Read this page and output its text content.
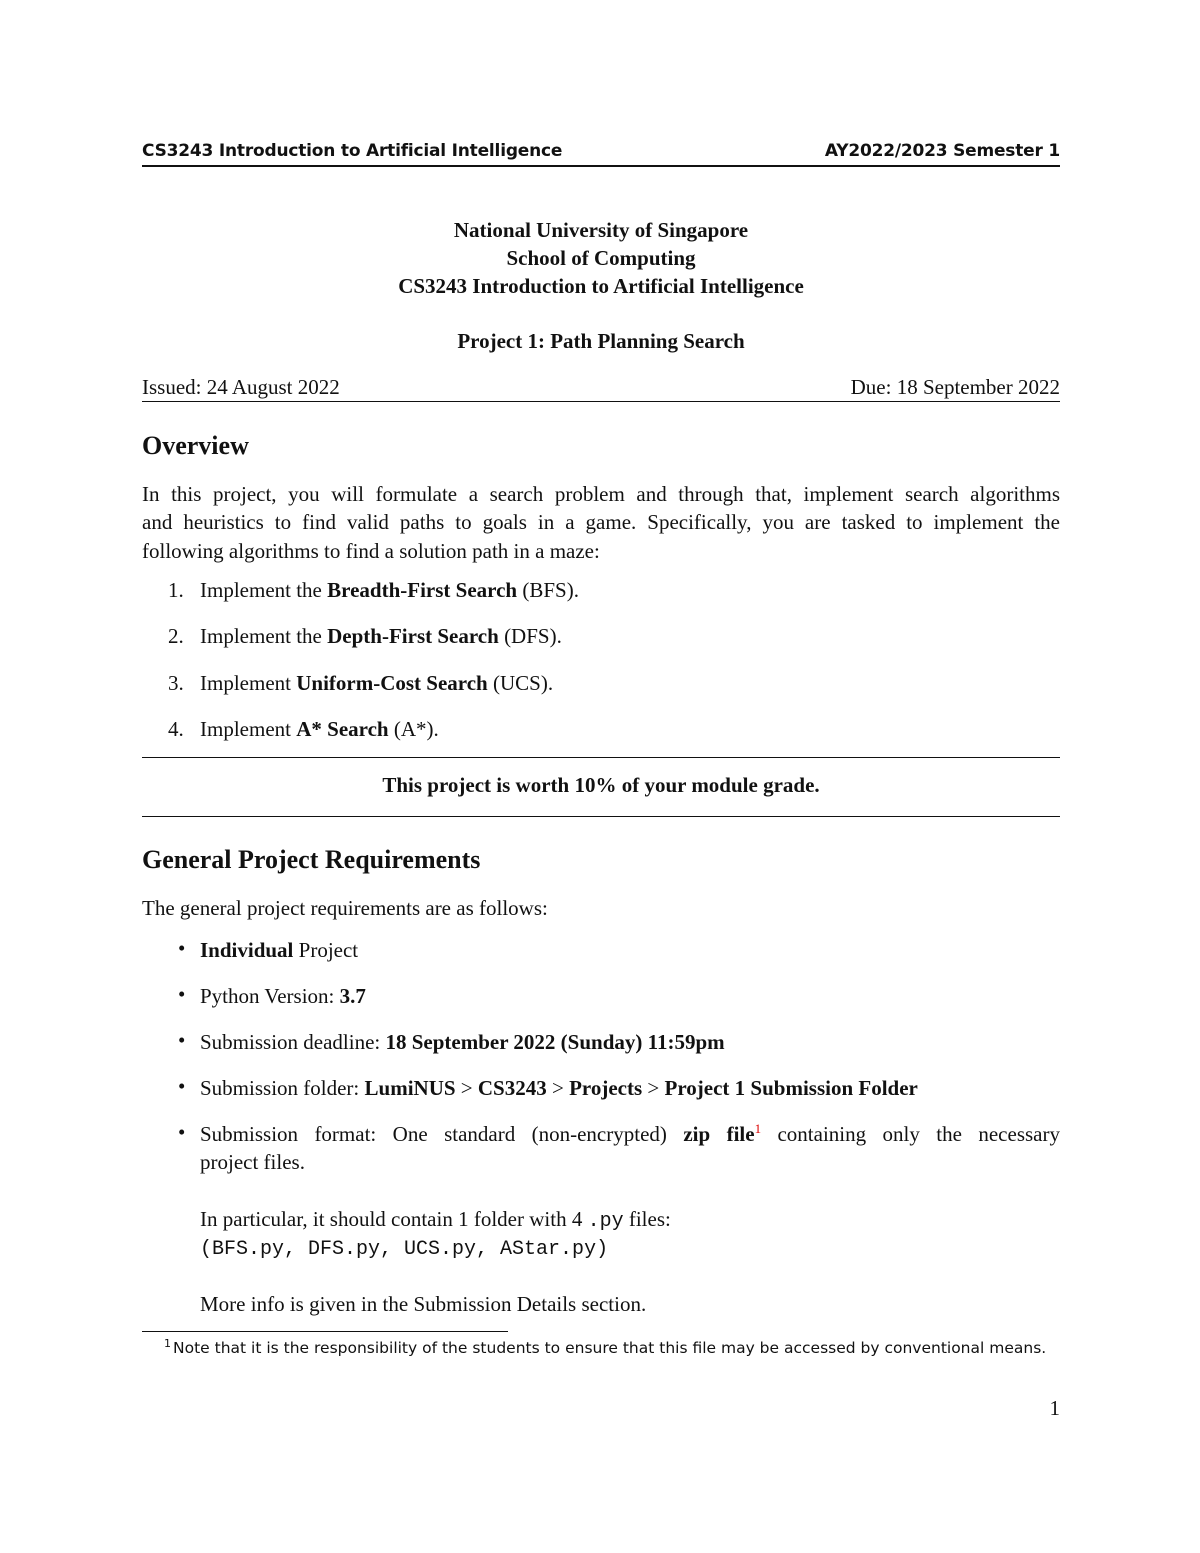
CS3243 Introduction to Artificial Intelligence	AY2022/2023 Semester 1
National University of Singapore
School of Computing
CS3243 Introduction to Artificial Intelligence
Project 1: Path Planning Search
Issued: 24 August 2022	Due: 18 September 2022
Overview
In this project, you will formulate a search problem and through that, implement search algorithms
and heuristics to find valid paths to goals in a game. Specifically, you are tasked to implement the
following algorithms to find a solution path in a maze:
1. Implement the Breadth-First Search (BFS).
2. Implement the Depth-First Search (DFS).
3. Implement Uniform-Cost Search (UCS).
4. Implement A* Search (A*).
This project is worth 10% of your module grade.
General Project Requirements
The general project requirements are as follows:
• Individual Project
• Python Version: 3.7
• Submission deadline: 18 September 2022 (Sunday) 11:59pm
• Submission folder: LumiNUS > CS3243 > Projects > Project 1 Submission Folder
• Submission format: One standard (non-encrypted) zip file$^1$ containing only the necessary
project files.
In particular, it should contain 1 folder with 4 .py files:
(BFS.py, DFS.py, UCS.py, AStar.py)
More info is given in the Submission Details section.
$^1$ Note that it is the responsibility of the students to ensure that this file may be accessed by conventional means.
1
